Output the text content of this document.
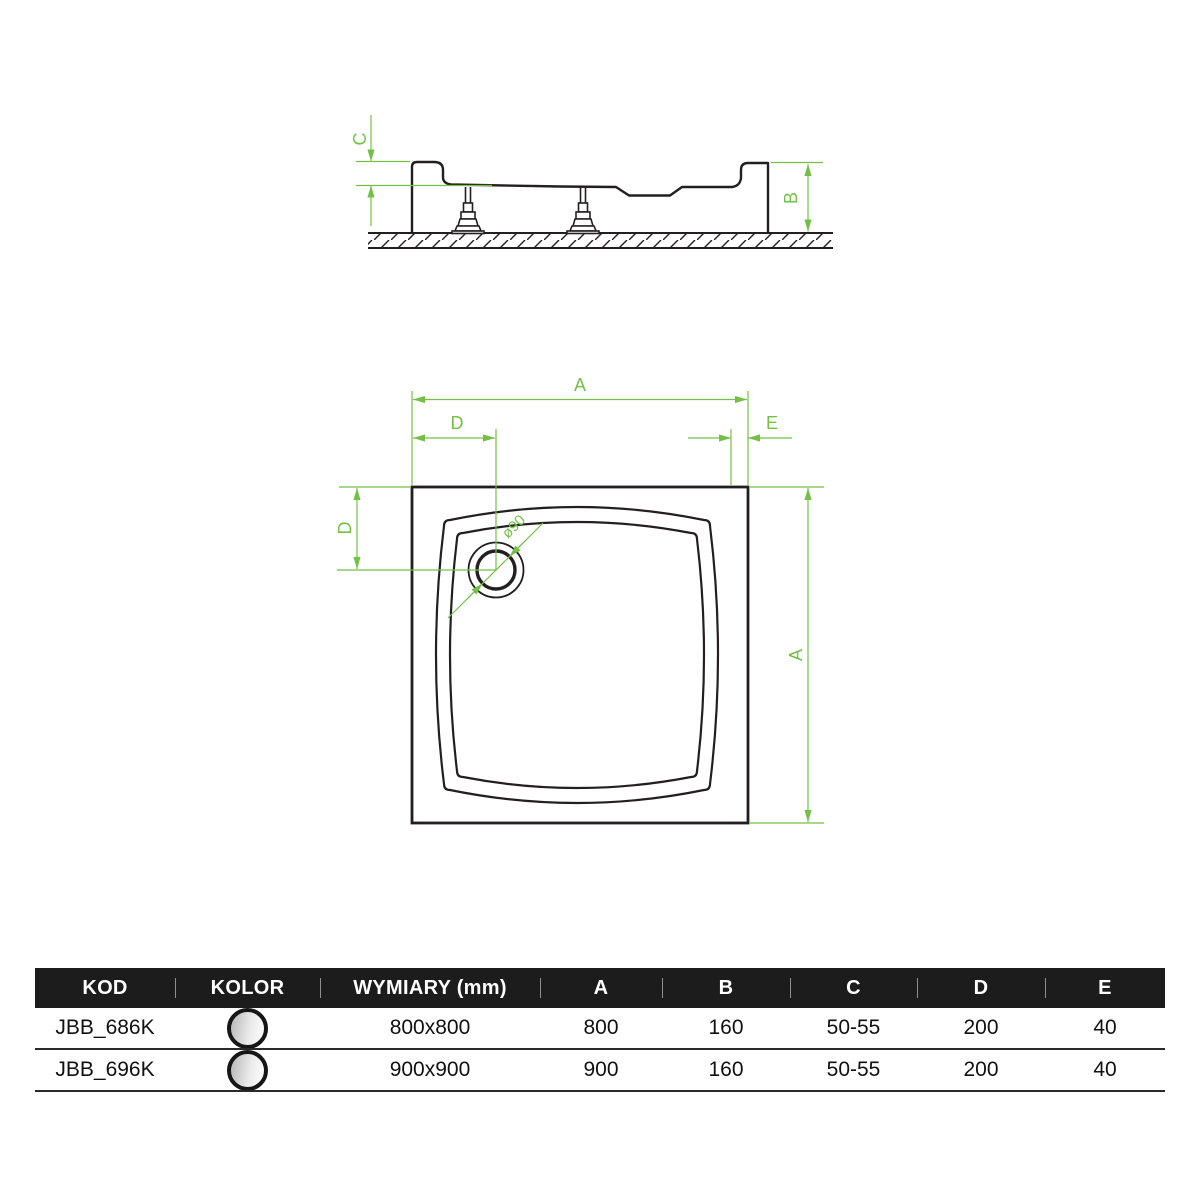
C
B
A
D	E
D
A
ø90
KOD	KOLOR	WYMIARY (mm)	A	B	C	D	E
JBB_686K		800x800	800	160	50-55	200	40
JBB_696K		900x900	900	160	50-55	200	40
